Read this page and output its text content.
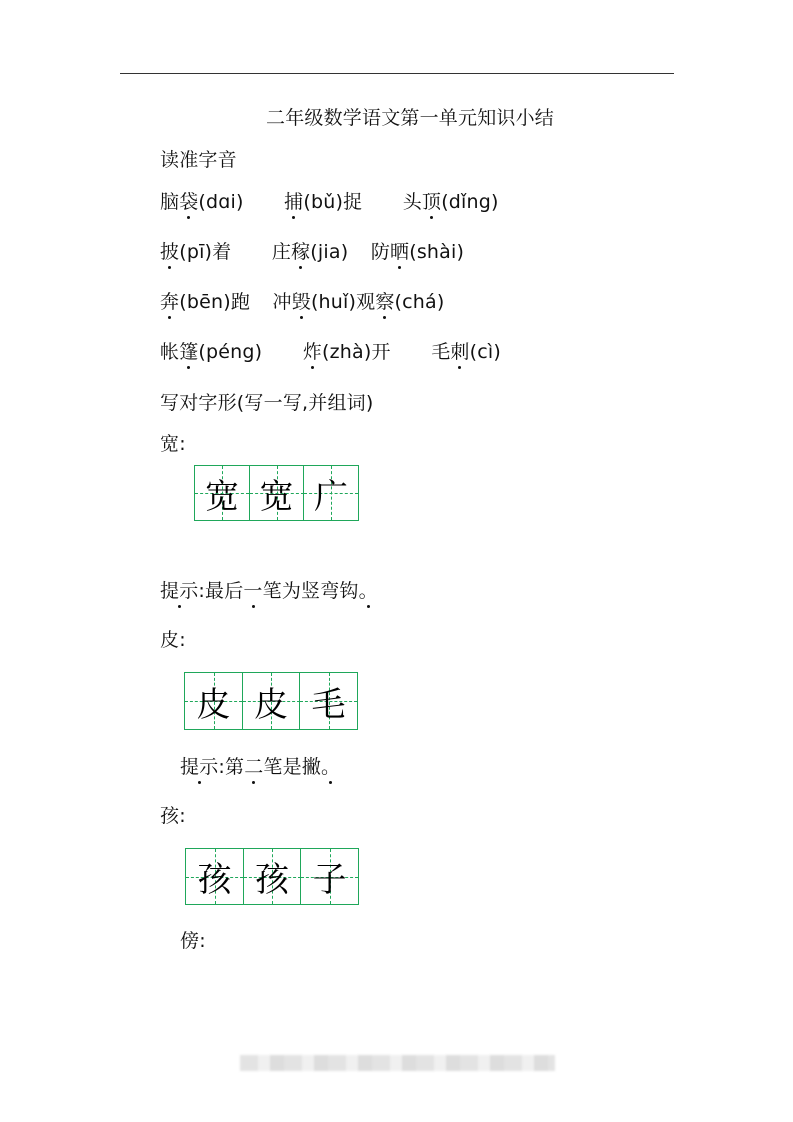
二年级数学语文第一单元知识小结
读准字音
脑袋(dɑi) 捕(bǔ)捉 头顶(dǐng)
披(pī)着 庄稼(jia) 防晒(shài)
奔(bēn)跑 冲毁(huǐ)观察(chá)
帐篷(péng) 炸(zhà)开 毛刺(cì)
写对字形(写一写,并组词)
宽:
宽 宽 广
提示:最后一笔为竖弯钩。
皮:
皮 皮 毛
提示:第二笔是撇。
孩:
孩 孩 子
傍:
